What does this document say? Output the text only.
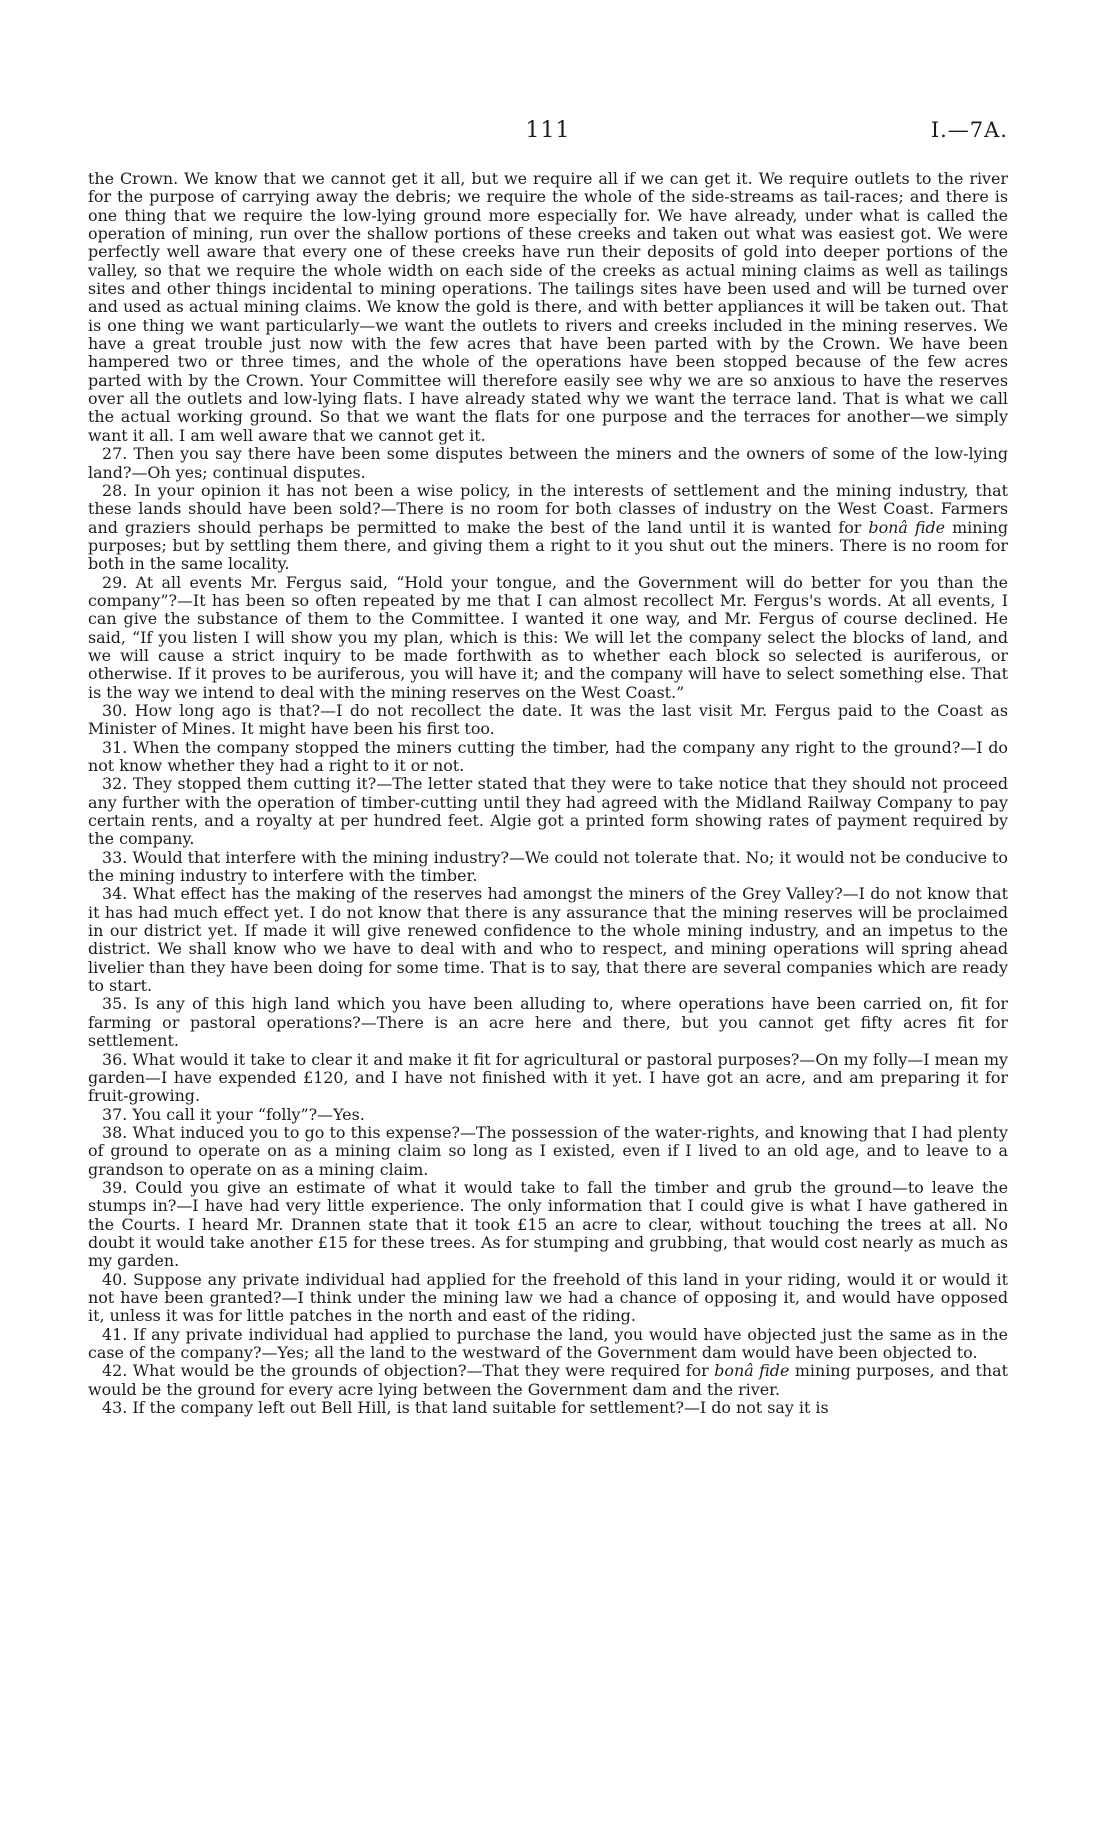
111	I.—7A.

the Crown. We know that we cannot get it all, but we require all if we can get it. We require outlets to the river for the purpose of carrying away the debris; we require the whole of the side-streams as tail-races; and there is one thing that we require the low-lying ground more especially for. We have already, under what is called the operation of mining, run over the shallow portions of these creeks and taken out what was easiest got. We were perfectly well aware that every one of these creeks have run their deposits of gold into deeper portions of the valley, so that we require the whole width on each side of the creeks as actual mining claims as well as tailings sites and other things incidental to mining operations. The tailings sites have been used and will be turned over and used as actual mining claims. We know the gold is there, and with better appliances it will be taken out. That is one thing we want particularly—we want the outlets to rivers and creeks included in the mining reserves. We have a great trouble just now with the few acres that have been parted with by the Crown. We have been hampered two or three times, and the whole of the operations have been stopped because of the few acres parted with by the Crown. Your Committee will therefore easily see why we are so anxious to have the reserves over all the outlets and low-lying flats. I have already stated why we want the terrace land. That is what we call the actual working ground. So that we want the flats for one purpose and the terraces for another—we simply want it all. I am well aware that we cannot get it.

27. Then you say there have been some disputes between the miners and the owners of some of the low-lying land?—Oh yes; continual disputes.

28. In your opinion it has not been a wise policy, in the interests of settlement and the mining industry, that these lands should have been sold?—There is no room for both classes of industry on the West Coast. Farmers and graziers should perhaps be permitted to make the best of the land until it is wanted for bonâ fide mining purposes; but by settling them there, and giving them a right to it you shut out the miners. There is no room for both in the same locality.

29. At all events Mr. Fergus said, “Hold your tongue, and the Government will do better for you than the company”?—It has been so often repeated by me that I can almost recollect Mr. Fergus's words. At all events, I can give the substance of them to the Committee. I wanted it one way, and Mr. Fergus of course declined. He said, “If you listen I will show you my plan, which is this: We will let the company select the blocks of land, and we will cause a strict inquiry to be made forthwith as to whether each block so selected is auriferous, or otherwise. If it proves to be auriferous, you will have it; and the company will have to select something else. That is the way we intend to deal with the mining reserves on the West Coast.”

30. How long ago is that?—I do not recollect the date. It was the last visit Mr. Fergus paid to the Coast as Minister of Mines. It might have been his first too.

31. When the company stopped the miners cutting the timber, had the company any right to the ground?—I do not know whether they had a right to it or not.

32. They stopped them cutting it?—The letter stated that they were to take notice that they should not proceed any further with the operation of timber-cutting until they had agreed with the Midland Railway Company to pay certain rents, and a royalty at per hundred feet. Algie got a printed form showing rates of payment required by the company.

33. Would that interfere with the mining industry?—We could not tolerate that. No; it would not be conducive to the mining industry to interfere with the timber.

34. What effect has the making of the reserves had amongst the miners of the Grey Valley?—I do not know that it has had much effect yet. I do not know that there is any assurance that the mining reserves will be proclaimed in our district yet. If made it will give renewed confidence to the whole mining industry, and an impetus to the district. We shall know who we have to deal with and who to respect, and mining operations will spring ahead livelier than they have been doing for some time. That is to say, that there are several companies which are ready to start.

35. Is any of this high land which you have been alluding to, where operations have been carried on, fit for farming or pastoral operations?—There is an acre here and there, but you cannot get fifty acres fit for settlement.

36. What would it take to clear it and make it fit for agricultural or pastoral purposes?—On my folly—I mean my garden—I have expended £120, and I have not finished with it yet. I have got an acre, and am preparing it for fruit-growing.

37. You call it your “folly”?—Yes.

38. What induced you to go to this expense?—The possession of the water-rights, and knowing that I had plenty of ground to operate on as a mining claim so long as I existed, even if I lived to an old age, and to leave to a grandson to operate on as a mining claim.

39. Could you give an estimate of what it would take to fall the timber and grub the ground—to leave the stumps in?—I have had very little experience. The only information that I could give is what I have gathered in the Courts. I heard Mr. Drannen state that it took £15 an acre to clear, without touching the trees at all. No doubt it would take another £15 for these trees. As for stumping and grubbing, that would cost nearly as much as my garden.

40. Suppose any private individual had applied for the freehold of this land in your riding, would it or would it not have been granted?—I think under the mining law we had a chance of opposing it, and would have opposed it, unless it was for little patches in the north and east of the riding.

41. If any private individual had applied to purchase the land, you would have objected just the same as in the case of the company?—Yes; all the land to the westward of the Government dam would have been objected to.

42. What would be the grounds of objection?—That they were required for bonâ fide mining purposes, and that would be the ground for every acre lying between the Government dam and the river.

43. If the company left out Bell Hill, is that land suitable for settlement?—I do not say it is
